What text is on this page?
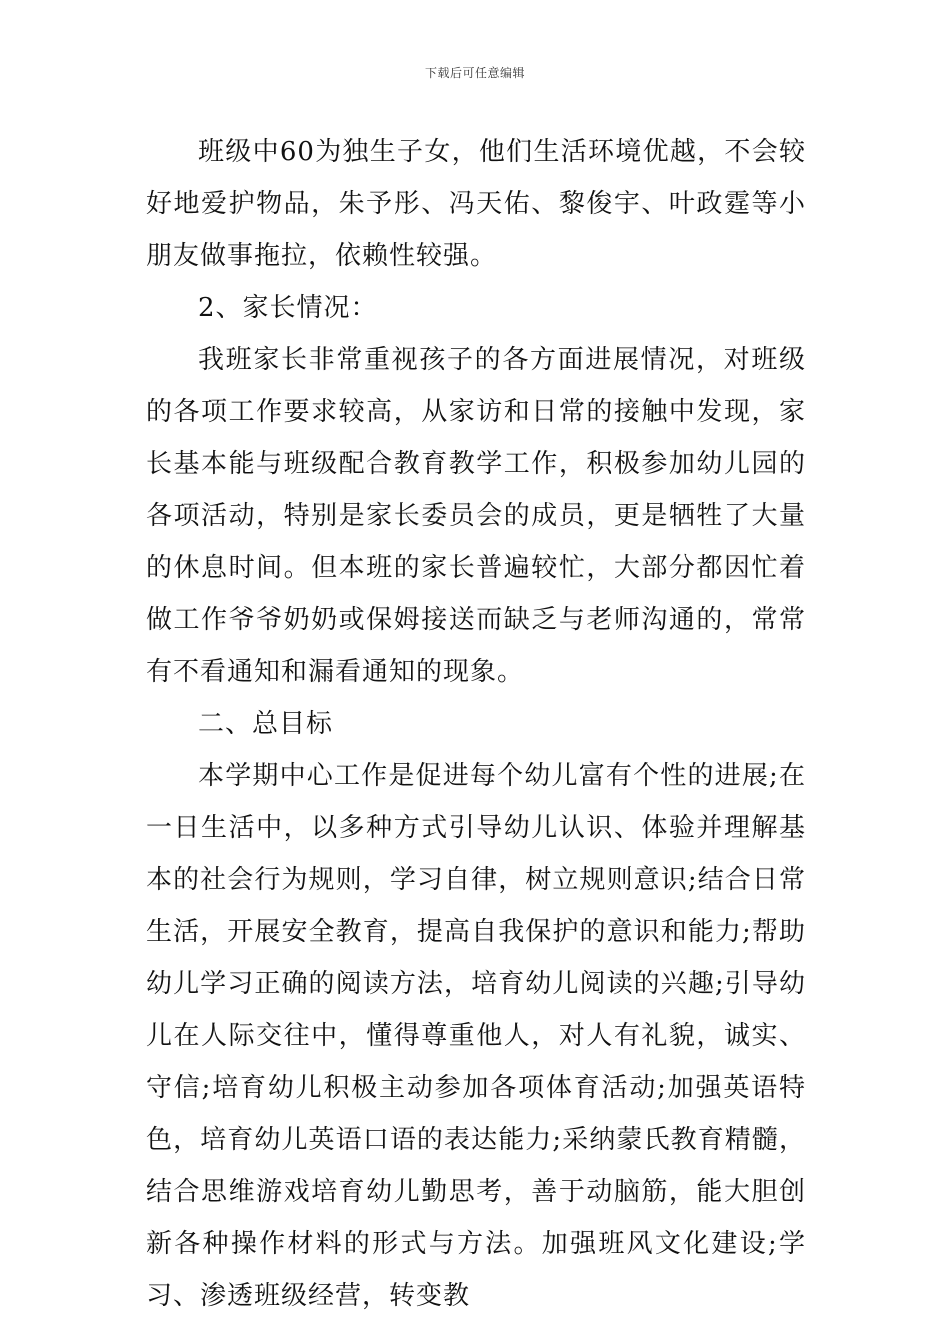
下载后可任意编辑

班级中60为独生子女，他们生活环境优越，不会较好地爱护物品，朱予彤、冯天佑、黎俊宇、叶政霆等小朋友做事拖拉，依赖性较强。

2、家长情况：

我班家长非常重视孩子的各方面进展情况，对班级的各项工作要求较高，从家访和日常的接触中发现，家长基本能与班级配合教育教学工作，积极参加幼儿园的各项活动，特别是家长委员会的成员，更是牺牲了大量的休息时间。但本班的家长普遍较忙，大部分都因忙着做工作爷爷奶奶或保姆接送而缺乏与老师沟通的，常常有不看通知和漏看通知的现象。

二、总目标

本学期中心工作是促进每个幼儿富有个性的进展;在一日生活中，以多种方式引导幼儿认识、体验并理解基本的社会行为规则，学习自律，树立规则意识;结合日常生活，开展安全教育，提高自我保护的意识和能力;帮助幼儿学习正确的阅读方法，培育幼儿阅读的兴趣;引导幼儿在人际交往中，懂得尊重他人，对人有礼貌，诚实、守信;培育幼儿积极主动参加各项体育活动;加强英语特色，培育幼儿英语口语的表达能力;采纳蒙氏教育精髓，结合思维游戏培育幼儿勤思考，善于动脑筋，能大胆创新各种操作材料的形式与方法。加强班风文化建设;学习、渗透班级经营，转变教
